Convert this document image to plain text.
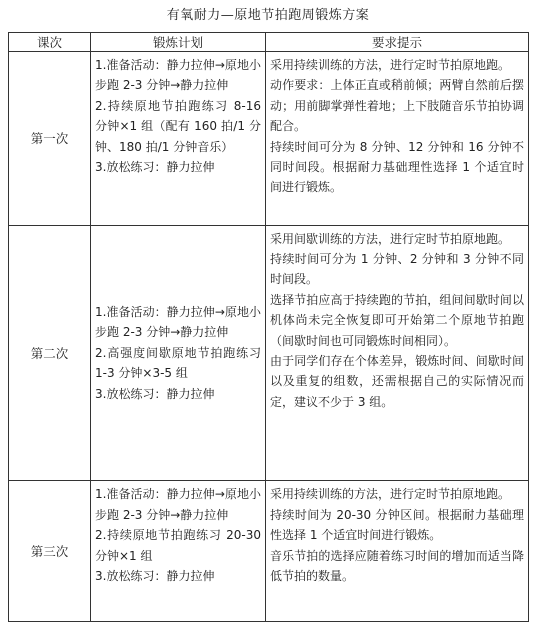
有氧耐力—原地节拍跑周锻炼方案
课次	锻炼计划	要求提示
第一次	1.准备活动：静力拉伸→原地小步跑 2-3 分钟→静力拉伸
2.持续原地节拍跑练习 8-16 分钟×1 组（配有 160 拍/1 分钟、180 拍/1 分钟音乐）
3.放松练习：静力拉伸	采用持续训练的方法，进行定时节拍原地跑。
动作要求：上体正直或稍前倾；两臂自然前后摆动；用前脚掌弹性着地；上下肢随音乐节拍协调配合。
持续时间可分为 8 分钟、12 分钟和 16 分钟不同时间段。根据耐力基础理性选择 1 个适宜时间进行锻炼。

第二次	1.准备活动：静力拉伸→原地小步跑 2-3 分钟→静力拉伸
2.高强度间歇原地节拍跑练习 1-3 分钟×3-5 组
3.放松练习：静力拉伸	采用间歇训练的方法，进行定时节拍原地跑。
持续时间可分为 1 分钟、2 分钟和 3 分钟不同时间段。
选择节拍应高于持续跑的节拍，组间间歇时间以机体尚未完全恢复即可开始第二个原地节拍跑（间歇时间也可同锻炼时间相同）。
由于同学们存在个体差异，锻炼时间、间歇时间以及重复的组数，还需根据自己的实际情况而定，建议不少于 3 组。

第三次	1.准备活动：静力拉伸→原地小步跑 2-3 分钟→静力拉伸
2.持续原地节拍跑练习 20-30 分钟×1 组
3.放松练习：静力拉伸	采用持续训练的方法，进行定时节拍原地跑。
持续时间为 20-30 分钟区间。根据耐力基础理性选择 1 个适宜时间进行锻炼。
音乐节拍的选择应随着练习时间的增加而适当降低节拍的数量。
